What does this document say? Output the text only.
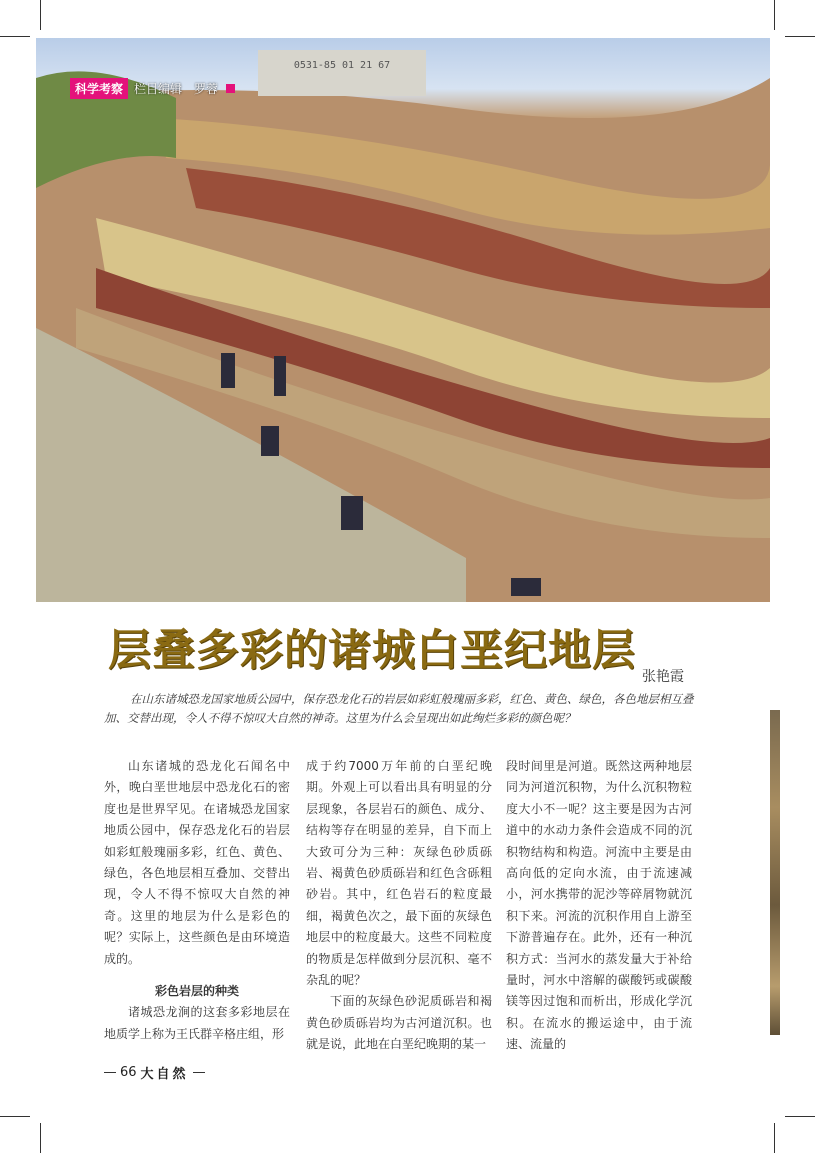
0531-85 01 21 67
科学考察 栏目编辑　罗蓉
层叠多彩的诸城白垩纪地层
张艳霞
在山东诸城恐龙国家地质公园中，保存恐龙化石的岩层如彩虹般瑰丽多彩，红色、黄色、绿色，各色地层相互叠加、交替出现，令人不得不惊叹大自然的神奇。这里为什么会呈现出如此绚烂多彩的颜色呢？

山东诸城的恐龙化石闻名中外，晚白垩世地层中恐龙化石的密度也是世界罕见。在诸城恐龙国家地质公园中，保存恐龙化石的岩层如彩虹般瑰丽多彩，红色、黄色、绿色，各色地层相互叠加、交替出现，令人不得不惊叹大自然的神奇。这里的地层为什么是彩色的呢？实际上，这些颜色是由环境造成的。

彩色岩层的种类

诸城恐龙涧的这套多彩地层在地质学上称为王氏群辛格庄组，形

成于约7000万年前的白垩纪晚期。外观上可以看出具有明显的分层现象，各层岩石的颜色、成分、结构等存在明显的差异，自下而上大致可分为三种：灰绿色砂质砾岩、褐黄色砂质砾岩和红色含砾粗砂岩。其中，红色岩石的粒度最细，褐黄色次之，最下面的灰绿色地层中的粒度最大。这些不同粒度的物质是怎样做到分层沉积、毫不杂乱的呢？

下面的灰绿色砂泥质砾岩和褐黄色砂质砾岩均为古河道沉积。也就是说，此地在白垩纪晚期的某一

段时间里是河道。既然这两种地层同为河道沉积物，为什么沉积物粒度大小不一呢？这主要是因为古河道中的水动力条件会造成不同的沉积物结构和构造。河流中主要是由高向低的定向水流，由于流速减小，河水携带的泥沙等碎屑物就沉积下来。河流的沉积作用自上游至下游普遍存在。此外，还有一种沉积方式：当河水的蒸发量大于补给量时，河水中溶解的碳酸钙或碳酸镁等因过饱和而析出，形成化学沉积。在流水的搬运途中，由于流速、流量的

66 大自然
